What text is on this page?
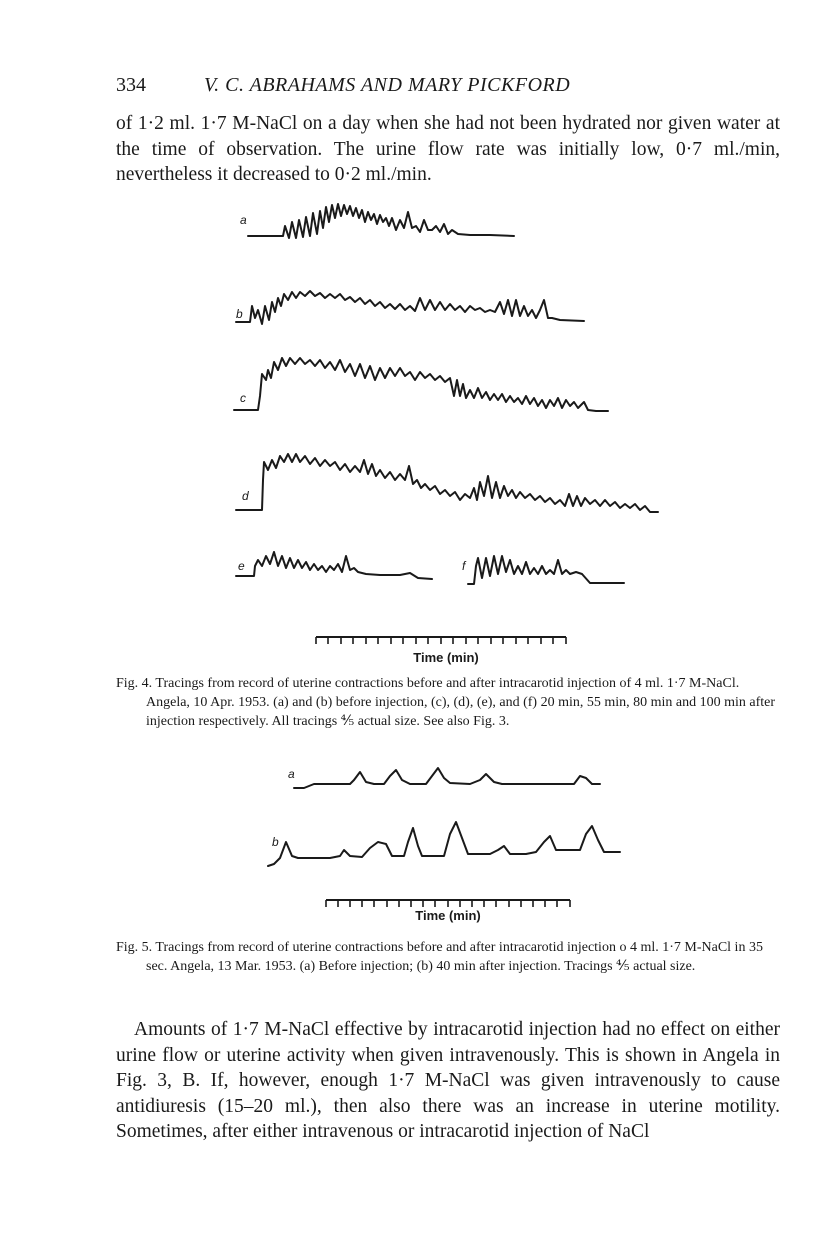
334	V. C. ABRAHAMS AND MARY PICKFORD

of 1·2 ml. 1·7 M-NaCl on a day when she had not been hydrated nor given water at the time of observation. The urine flow rate was initially low, 0·7 ml./min, nevertheless it decreased to 0·2 ml./min.

a
b
c
d
e	f
Time (min)
a
b
Time (min)

Fig. 4. Tracings from record of uterine contractions before and after intracarotid injection of 4 ml. 1·7 M-NaCl. Angela, 10 Apr. 1953. (a) and (b) before injection, (c), (d), (e), and (f) 20 min, 55 min, 80 min and 100 min after injection respectively. All tracings ⅘ actual size. See also Fig. 3.

Fig. 5. Tracings from record of uterine contractions before and after intracarotid injection o 4 ml. 1·7 M-NaCl in 35 sec. Angela, 13 Mar. 1953. (a) Before injection; (b) 40 min after injection. Tracings ⅘ actual size.

Amounts of 1·7 M-NaCl effective by intracarotid injection had no effect on either urine flow or uterine activity when given intravenously. This is shown in Angela in Fig. 3, B. If, however, enough 1·7 M-NaCl was given intravenously to cause antidiuresis (15–20 ml.), then also there was an increase in uterine motility. Sometimes, after either intravenous or intracarotid injection of NaCl
